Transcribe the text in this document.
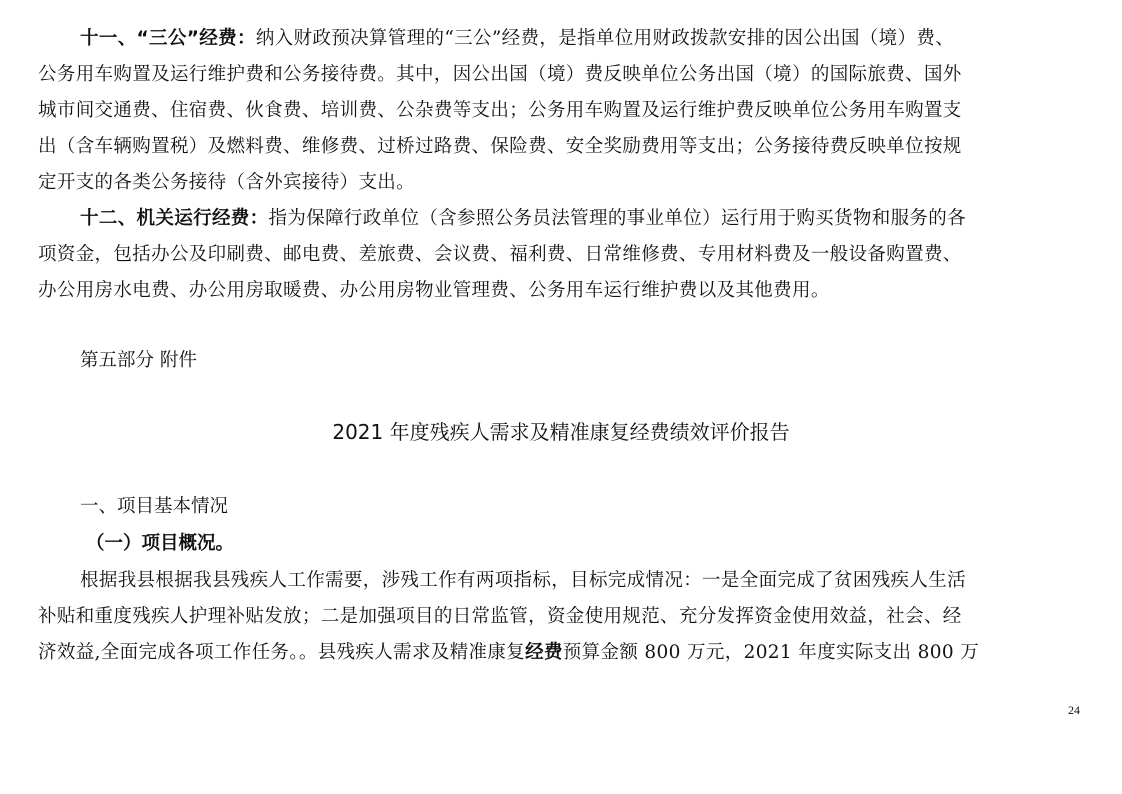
十一、“三公”经费：纳入财政预决算管理的“三公”经费，是指单位用财政拨款安排的因公出国（境）费、
公务用车购置及运行维护费和公务接待费。其中，因公出国（境）费反映单位公务出国（境）的国际旅费、国外
城市间交通费、住宿费、伙食费、培训费、公杂费等支出；公务用车购置及运行维护费反映单位公务用车购置支
出（含车辆购置税）及燃料费、维修费、过桥过路费、保险费、安全奖励费用等支出；公务接待费反映单位按规
定开支的各类公务接待（含外宾接待）支出。
十二、机关运行经费：指为保障行政单位（含参照公务员法管理的事业单位）运行用于购买货物和服务的各
项资金，包括办公及印刷费、邮电费、差旅费、会议费、福利费、日常维修费、专用材料费及一般设备购置费、
办公用房水电费、办公用房取暖费、办公用房物业管理费、公务用车运行维护费以及其他费用。
第五部分 附件
2021 年度残疾人需求及精准康复经费绩效评价报告
一、项目基本情况
（一）项目概况。
根据我县根据我县残疾人工作需要，涉残工作有两项指标，目标完成情况：一是全面完成了贫困残疾人生活
补贴和重度残疾人护理补贴发放；二是加强项目的日常监管，资金使用规范、充分发挥资金使用效益，社会、经
济效益,全面完成各项工作任务。。县残疾人需求及精准康复经费预算金额 800 万元，2021 年度实际支出 800 万
24
